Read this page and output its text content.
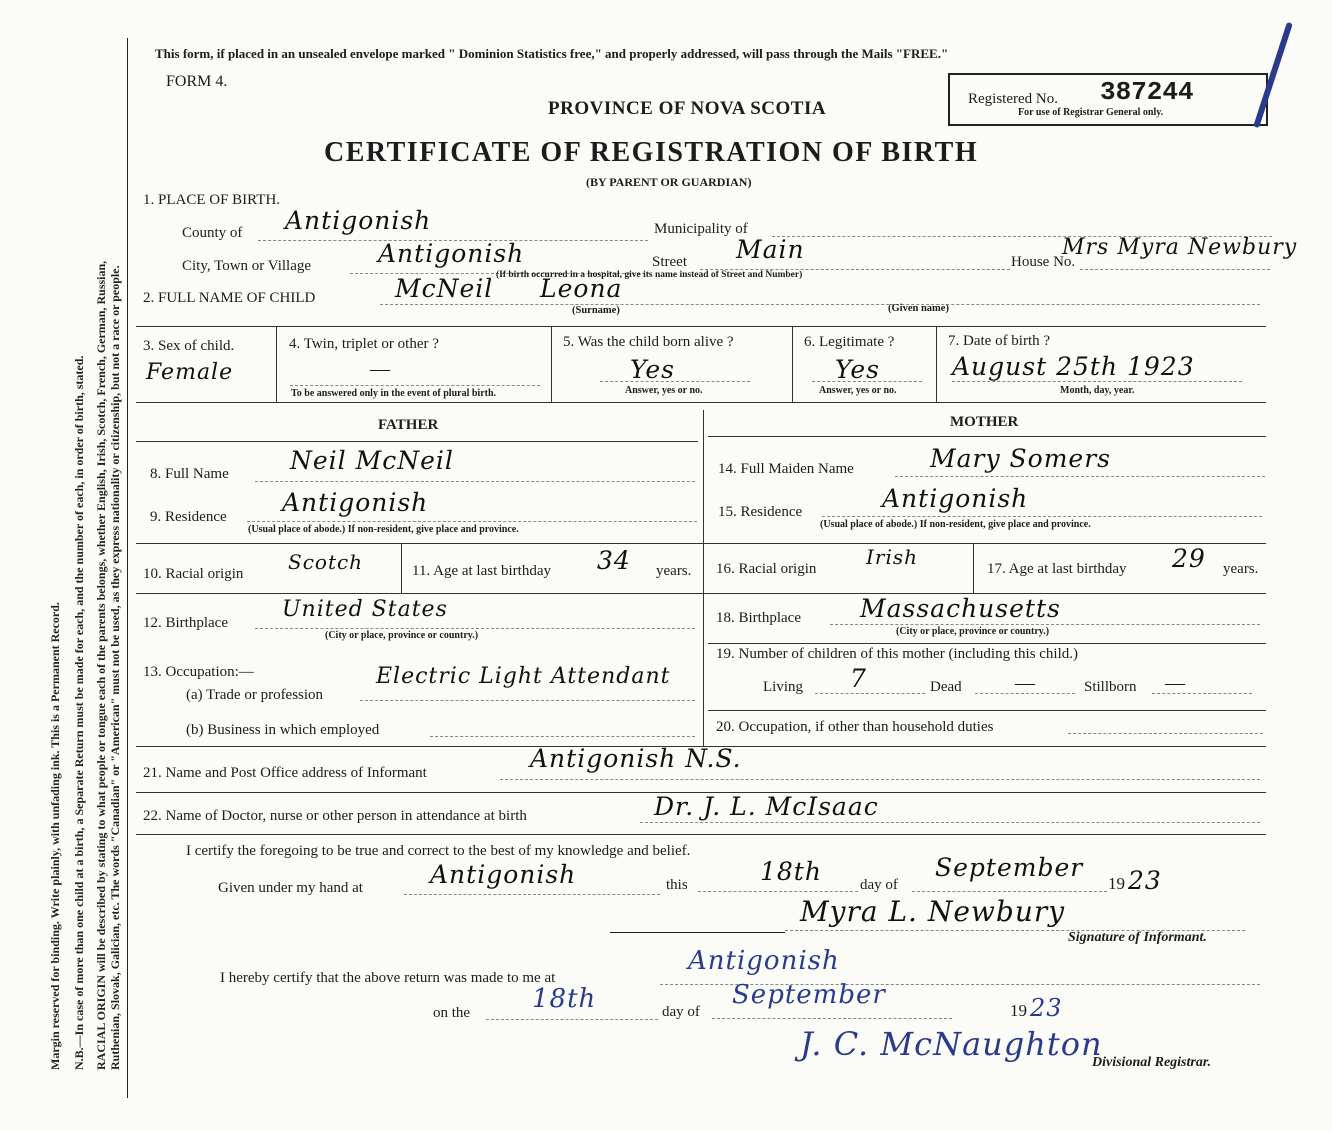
Margin reserved for binding. Write plainly, with unfading ink. This is a Permanent Record. N.B.—In case of more than one child at a birth, a Separate Return must be made for each, and the number of each, in order of birth, stated. RACIAL ORIGIN will be described by stating to what people or tongue each of the parents belongs, whether English, Irish, Scotch, French, German, Russian, Ruthenian, Slovak, Galician, etc. The words "Canadian" or "American" must not be used, as they express nationality or citizenship, but not a race or people.
This form, if placed in an unsealed envelope marked " Dominion Statistics free," and properly addressed, will pass through the Mails "FREE."
FORM 4.
PROVINCE OF NOVA SCOTIA
CERTIFICATE OF REGISTRATION OF BIRTH
(BY PARENT OR GUARDIAN)
Registered No. 387244
For use of Registrar General only.
1. PLACE OF BIRTH.
County of Antigonish	Municipality of
City, Town or Village	Antigonish
(If birth occurred in a hospital, give its name instead of Street and Number)
Street Main	House No.
Mrs Myra Newbury
2. FULL NAME OF CHILD	McNeil Leona
(Surname)	(Given name)
3. Sex of child.
Female
4. Twin, triplet or other ?
—
To be answered only in the event of plural birth.
5. Was the child born alive ?
Yes
Answer, yes or no.
6. Legitimate ?
Yes
Answer, yes or no.
7. Date of birth ?
August 25th 1923
Month, day, year.
FATHER	MOTHER
8. Full Name Neil McNeil	14. Full Maiden Name	Mary Somers
9. Residence Antigonish
(Usual place of abode.) If non-resident, give place and province.
15. Residence	Antigonish
(Usual place of abode.) If non-resident, give place and province.
10. Racial origin Scotch	11. Age at last birthday 34 years. 16. Racial origin Irish	17. Age at last birthday 29 years.
12. Birthplace
United States
(City or place, province or country.)
18. Birthplace Massachusetts
(City or place, province or country.)
13. Occupation:—
(a) Trade or profession
Electric Light Attendant
(b) Business in which employed
19. Number of children of this mother (including this child.)
Living 7	Dead	—	Stillborn —
20. Occupation, if other than household duties
21. Name and Post Office address of Informant	Antigonish N.S.
22. Name of Doctor, nurse or other person in attendance at birth	Dr. J. L. McIsaac
I certify the foregoing to be true and correct to the best of my knowledge and belief.
Given under my hand at	Antigonish	this	18th	day of
September
19 23
Myra L. Newbury
Signature of Informant.
I hereby certify that the above return was made to me at
Antigonish
on the 18th	day of
September
19 23
J. C. McNaughton
Divisional Registrar.
